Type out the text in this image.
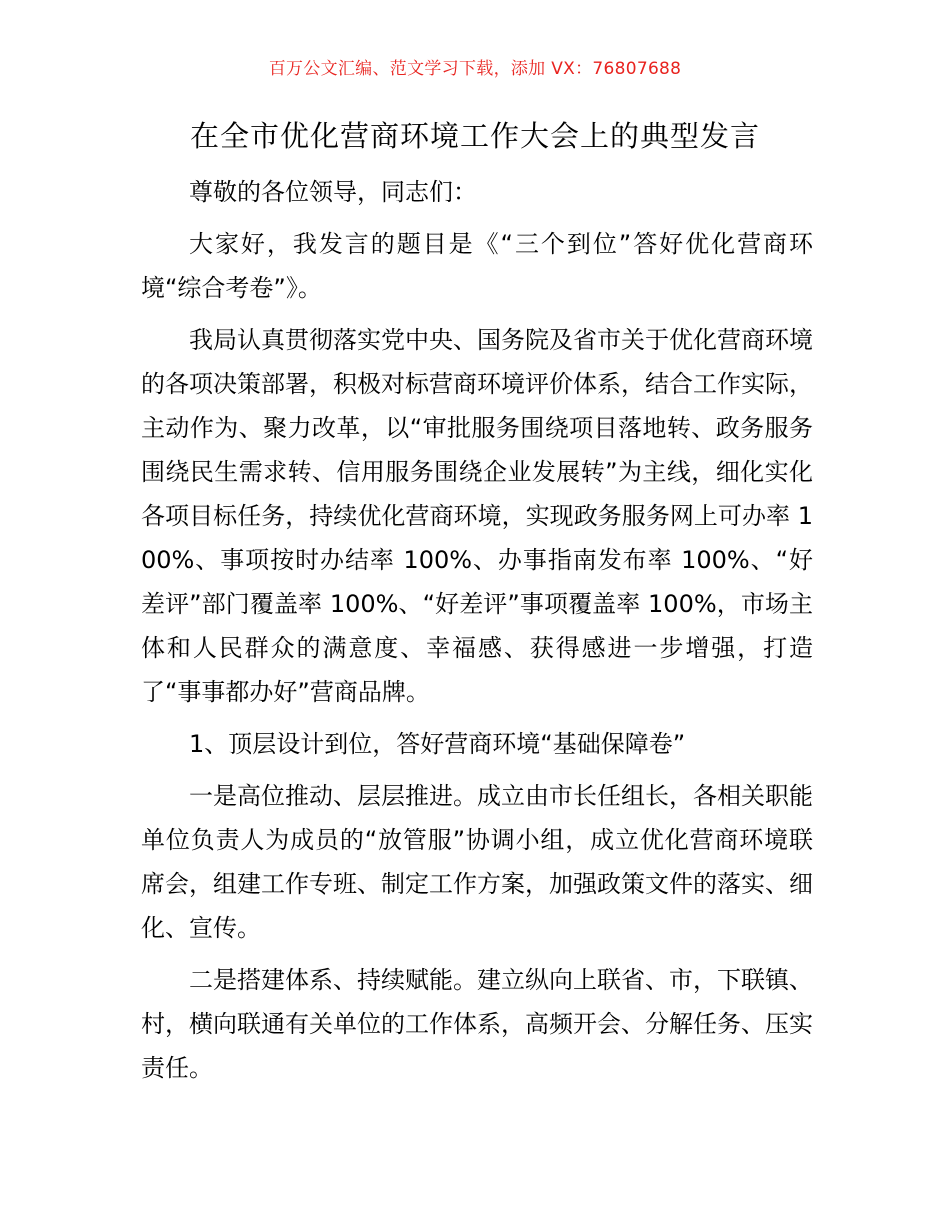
百万公文汇编、范文学习下载，添加 VX：76807688
在全市优化营商环境工作大会上的典型发言

尊敬的各位领导，同志们：

大家好，我发言的题目是《“三个到位”答好优化营商环境“综合考卷”》。

我局认真贯彻落实党中央、国务院及省市关于优化营商环境的各项决策部署，积极对标营商环境评价体系，结合工作实际，主动作为、聚力改革，以“审批服务围绕项目落地转、政务服务围绕民生需求转、信用服务围绕企业发展转”为主线，细化实化各项目标任务，持续优化营商环境，实现政务服务网上可办率 100%、事项按时办结率 100%、办事指南发布率 100%、“好差评”部门覆盖率 100%、“好差评”事项覆盖率 100%，市场主体和人民群众的满意度、幸福感、获得感进一步增强，打造了“事事都办好”营商品牌。

1、顶层设计到位，答好营商环境“基础保障卷”

一是高位推动、层层推进。成立由市长任组长，各相关职能单位负责人为成员的“放管服”协调小组，成立优化营商环境联席会，组建工作专班、制定工作方案，加强政策文件的落实、细化、宣传。

二是搭建体系、持续赋能。建立纵向上联省、市，下联镇、村，横向联通有关单位的工作体系，高频开会、分解任务、压实责任。
